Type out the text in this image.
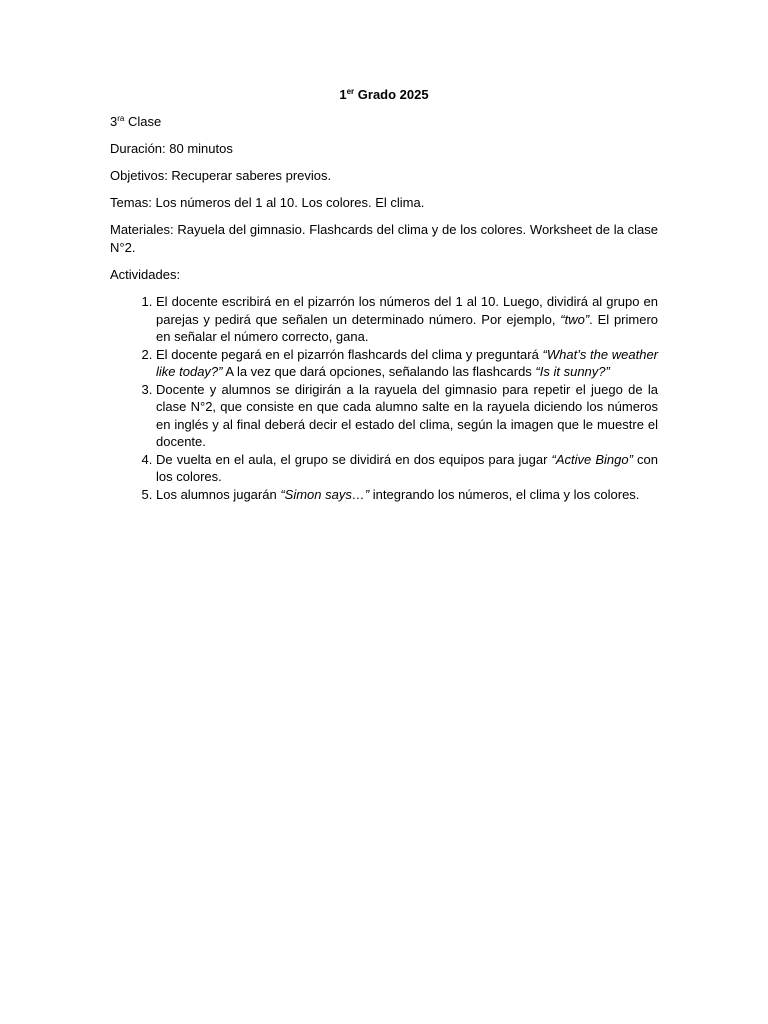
1er Grado 2025

$3^{ra}$ Clase

Duración: 80 minutos

Objetivos: Recuperar saberes previos.

Temas: Los números del 1 al 10. Los colores. El clima.

Materiales: Rayuela del gimnasio. Flashcards del clima y de los colores. Worksheet de la clase N°2.

Actividades:

1. El docente escribirá en el pizarrón los números del 1 al 10. Luego, dividirá al grupo en parejas y pedirá que señalen un determinado número. Por ejemplo, “two”. El primero en señalar el número correcto, gana.
2. El docente pegará en el pizarrón flashcards del clima y preguntará “What’s the weather like today?” A la vez que dará opciones, señalando las flashcards “Is it sunny?”
3. Docente y alumnos se dirigirán a la rayuela del gimnasio para repetir el juego de la clase N°2, que consiste en que cada alumno salte en la rayuela diciendo los números en inglés y al final deberá decir el estado del clima, según la imagen que le muestre el docente.
4. De vuelta en el aula, el grupo se dividirá en dos equipos para jugar “Active Bingo” con los colores.
5. Los alumnos jugarán “Simon says…” integrando los números, el clima y los colores.
